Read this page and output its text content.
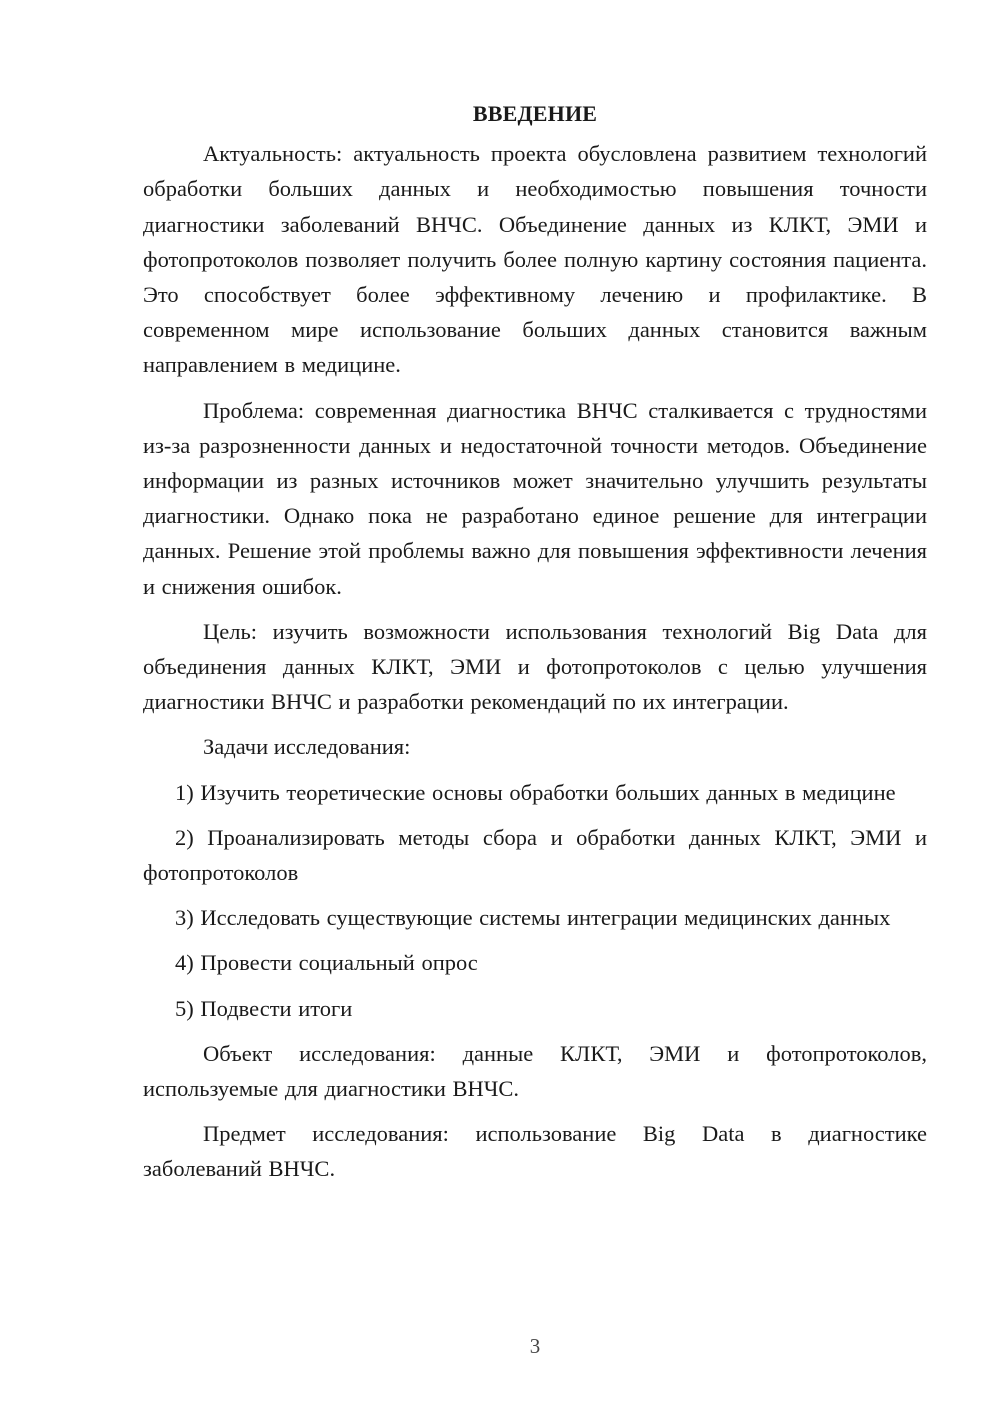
ВВЕДЕНИЕ

Актуальность: актуальность проекта обусловлена развитием технологий обработки больших данных и необходимостью повышения точности диагностики заболеваний ВНЧС. Объединение данных из КЛКТ, ЭМИ и фотопротоколов позволяет получить более полную картину состояния пациента. Это способствует более эффективному лечению и профилактике. В современном мире использование больших данных становится важным направлением в медицине.

Проблема: современная диагностика ВНЧС сталкивается с трудностями из-за разрозненности данных и недостаточной точности методов. Объединение информации из разных источников может значительно улучшить результаты диагностики. Однако пока не разработано единое решение для интеграции данных. Решение этой проблемы важно для повышения эффективности лечения и снижения ошибок.

Цель: изучить возможности использования технологий Big Data для объединения данных КЛКТ, ЭМИ и фотопротоколов с целью улучшения диагностики ВНЧС и разработки рекомендаций по их интеграции.

Задачи исследования:

1) Изучить теоретические основы обработки больших данных в медицине
2) Проанализировать методы сбора и обработки данных КЛКТ, ЭМИ и фотопротоколов
3) Исследовать существующие системы интеграции медицинских данных
4) Провести социальный опрос
5) Подвести итоги

Объект исследования: данные КЛКТ, ЭМИ и фотопротоколов, используемые для диагностики ВНЧС.

Предмет исследования: использование Big Data в диагностике заболеваний ВНЧС.

3
